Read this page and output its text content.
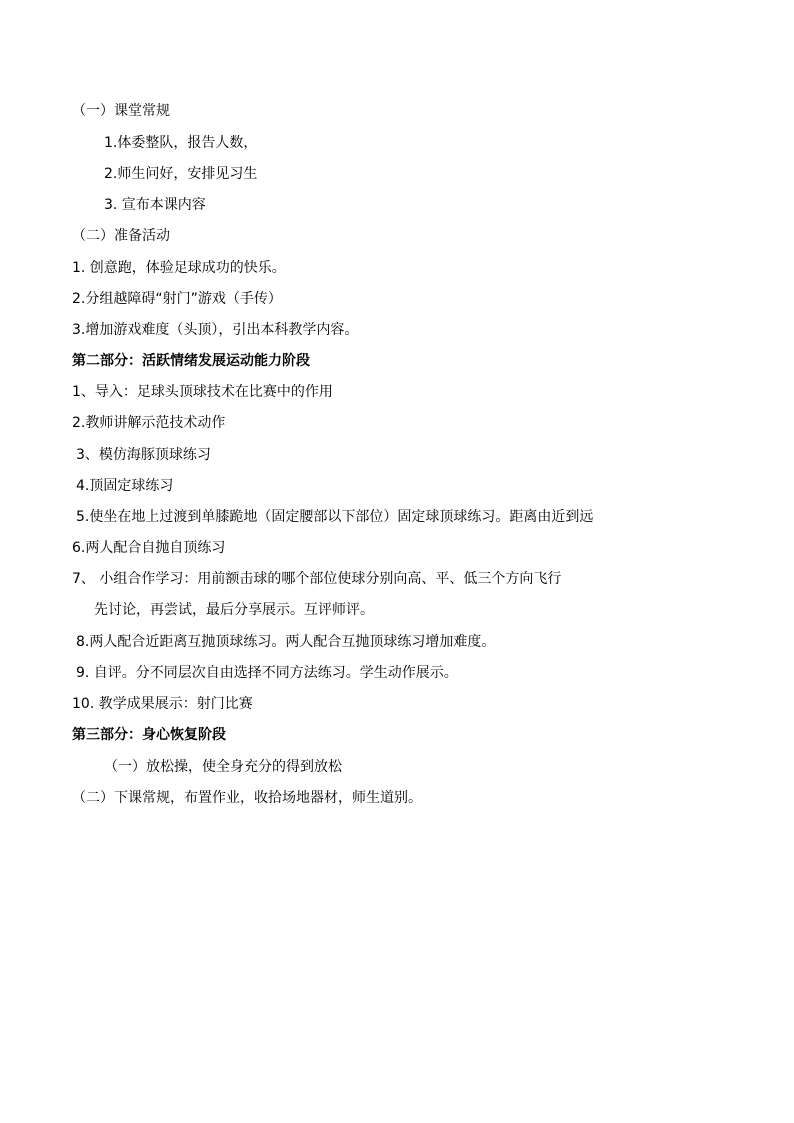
（一）课堂常规
1.体委整队，报告人数，
2.师生问好，安排见习生
3. 宣布本课内容
（二）准备活动
1. 创意跑，体验足球成功的快乐。
2.分组越障碍“射门”游戏（手传）
3.增加游戏难度（头顶），引出本科教学内容。
第二部分：活跃情绪发展运动能力阶段
1、导入：足球头顶球技术在比赛中的作用
2.教师讲解示范技术动作
3、模仿海豚顶球练习
4.顶固定球练习
5.使坐在地上过渡到单膝跪地（固定腰部以下部位）固定球顶球练习。距离由近到远
6.两人配合自抛自顶练习
7、 小组合作学习：用前额击球的哪个部位使球分别向高、平、低三个方向飞行
先讨论，再尝试，最后分享展示。互评师评。
8.两人配合近距离互抛顶球练习。两人配合互抛顶球练习增加难度。
9. 自评。分不同层次自由选择不同方法练习。学生动作展示。
10. 教学成果展示：射门比赛
第三部分：身心恢复阶段
（一）放松操，使全身充分的得到放松
（二）下课常规，布置作业，收拾场地器材，师生道别。
